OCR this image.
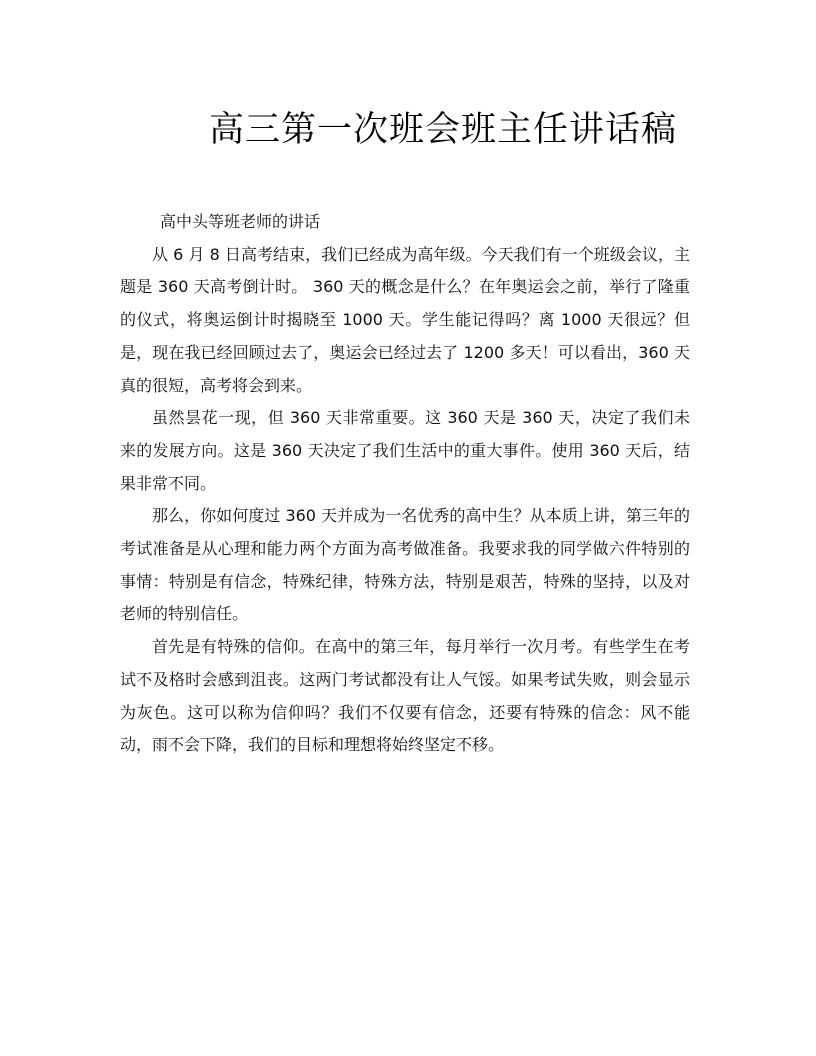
高三第一次班会班主任讲话稿

高中头等班老师的讲话

从 6 月 8 日高考结束，我们已经成为高年级。今天我们有一个班级会议，主题是 360 天高考倒计时。 360 天的概念是什么？在年奥运会之前，举行了隆重的仪式，将奥运倒计时揭晓至 1000 天。学生能记得吗？离 1000 天很远？但是，现在我已经回顾过去了，奥运会已经过去了 1200 多天！可以看出，360 天真的很短，高考将会到来。

虽然昙花一现，但 360 天非常重要。这 360 天是 360 天，决定了我们未来的发展方向。这是 360 天决定了我们生活中的重大事件。使用 360 天后，结果非常不同。

那么，你如何度过 360 天并成为一名优秀的高中生？从本质上讲，第三年的考试准备是从心理和能力两个方面为高考做准备。我要求我的同学做六件特别的事情：特别是有信念，特殊纪律，特殊方法，特别是艰苦，特殊的坚持，以及对老师的特别信任。

首先是有特殊的信仰。在高中的第三年，每月举行一次月考。有些学生在考试不及格时会感到沮丧。这两门考试都没有让人气馁。如果考试失败，则会显示为灰色。这可以称为信仰吗？我们不仅要有信念，还要有特殊的信念：风不能动，雨不会下降，我们的目标和理想将始终坚定不移。
